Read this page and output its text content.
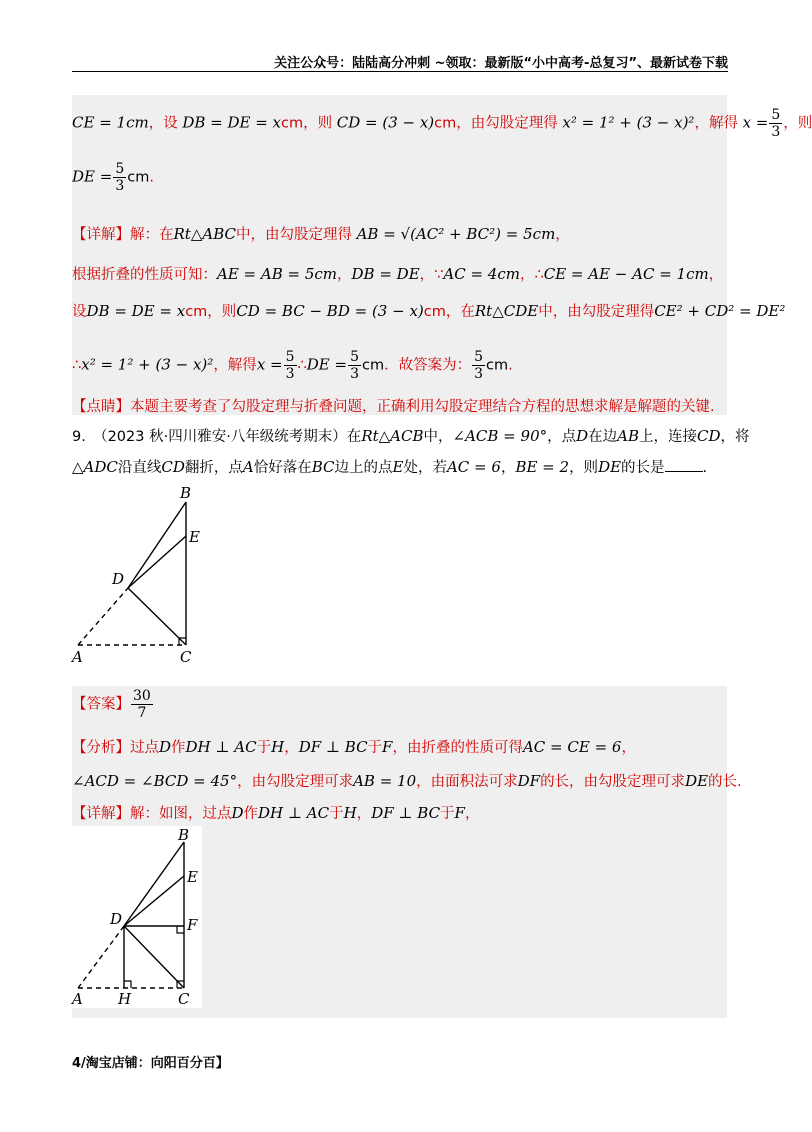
关注公众号：陆陆高分冲刺 ~领取：最新版“小中高考-总复习”、最新试卷下载
CE = 1cm，设 DB = DE = xcm，则 CD = (3 − x)cm，由勾股定理得 x² = 1² + (3 − x)²，解得 $x = \frac{5}{3}$ ，则
DE = $\frac{5}{3}$ cm.
【详解】解：在Rt△ABC中，由勾股定理得 AB = √(AC² + BC²) = 5cm，
根据折叠的性质可知：AE = AB = 5cm，DB = DE，∵AC = 4cm，∴CE = AE − AC = 1cm，
设DB = DE = xcm，则CD = BC − BD = (3 − x)cm，在Rt△CDE中，由勾股定理得CE² + CD² = DE²
∴x² = 1² + (3 − x)²，解得$x = \frac{5}{3}$ ∴DE = $\frac{5}{3}$ cm．故答案为： $\frac{5}{3}$ cm.
【点睛】本题主要考查了勾股定理与折叠问题，正确利用勾股定理结合方程的思想求解是解题的关键.
9.　（2023 秋·四川雅安·八年级统考期末）在Rt△ACB中，∠ACB = 90°，点D在边AB上，连接CD，将
△ADC沿直线CD翻折，点A恰好落在BC边上的点E处，若AC = 6，BE = 2，则DE的长是	.
B
E
D
A	C
【答案】 $\frac{30}{7}$
【分析】过点D作DH ⊥ AC于H，DF ⊥ BC于F，由折叠的性质可得AC = CE = 6，
∠ACD = ∠BCD = 45°，由勾股定理可求AB = 10，由面积法可求DF的长，由勾股定理可求DE的长.
【详解】解：如图，过点D作DH ⊥ AC于H，DF ⊥ BC于F，
B
E
D	F
A H	C
4/淘宝店铺：向阳百分百】
